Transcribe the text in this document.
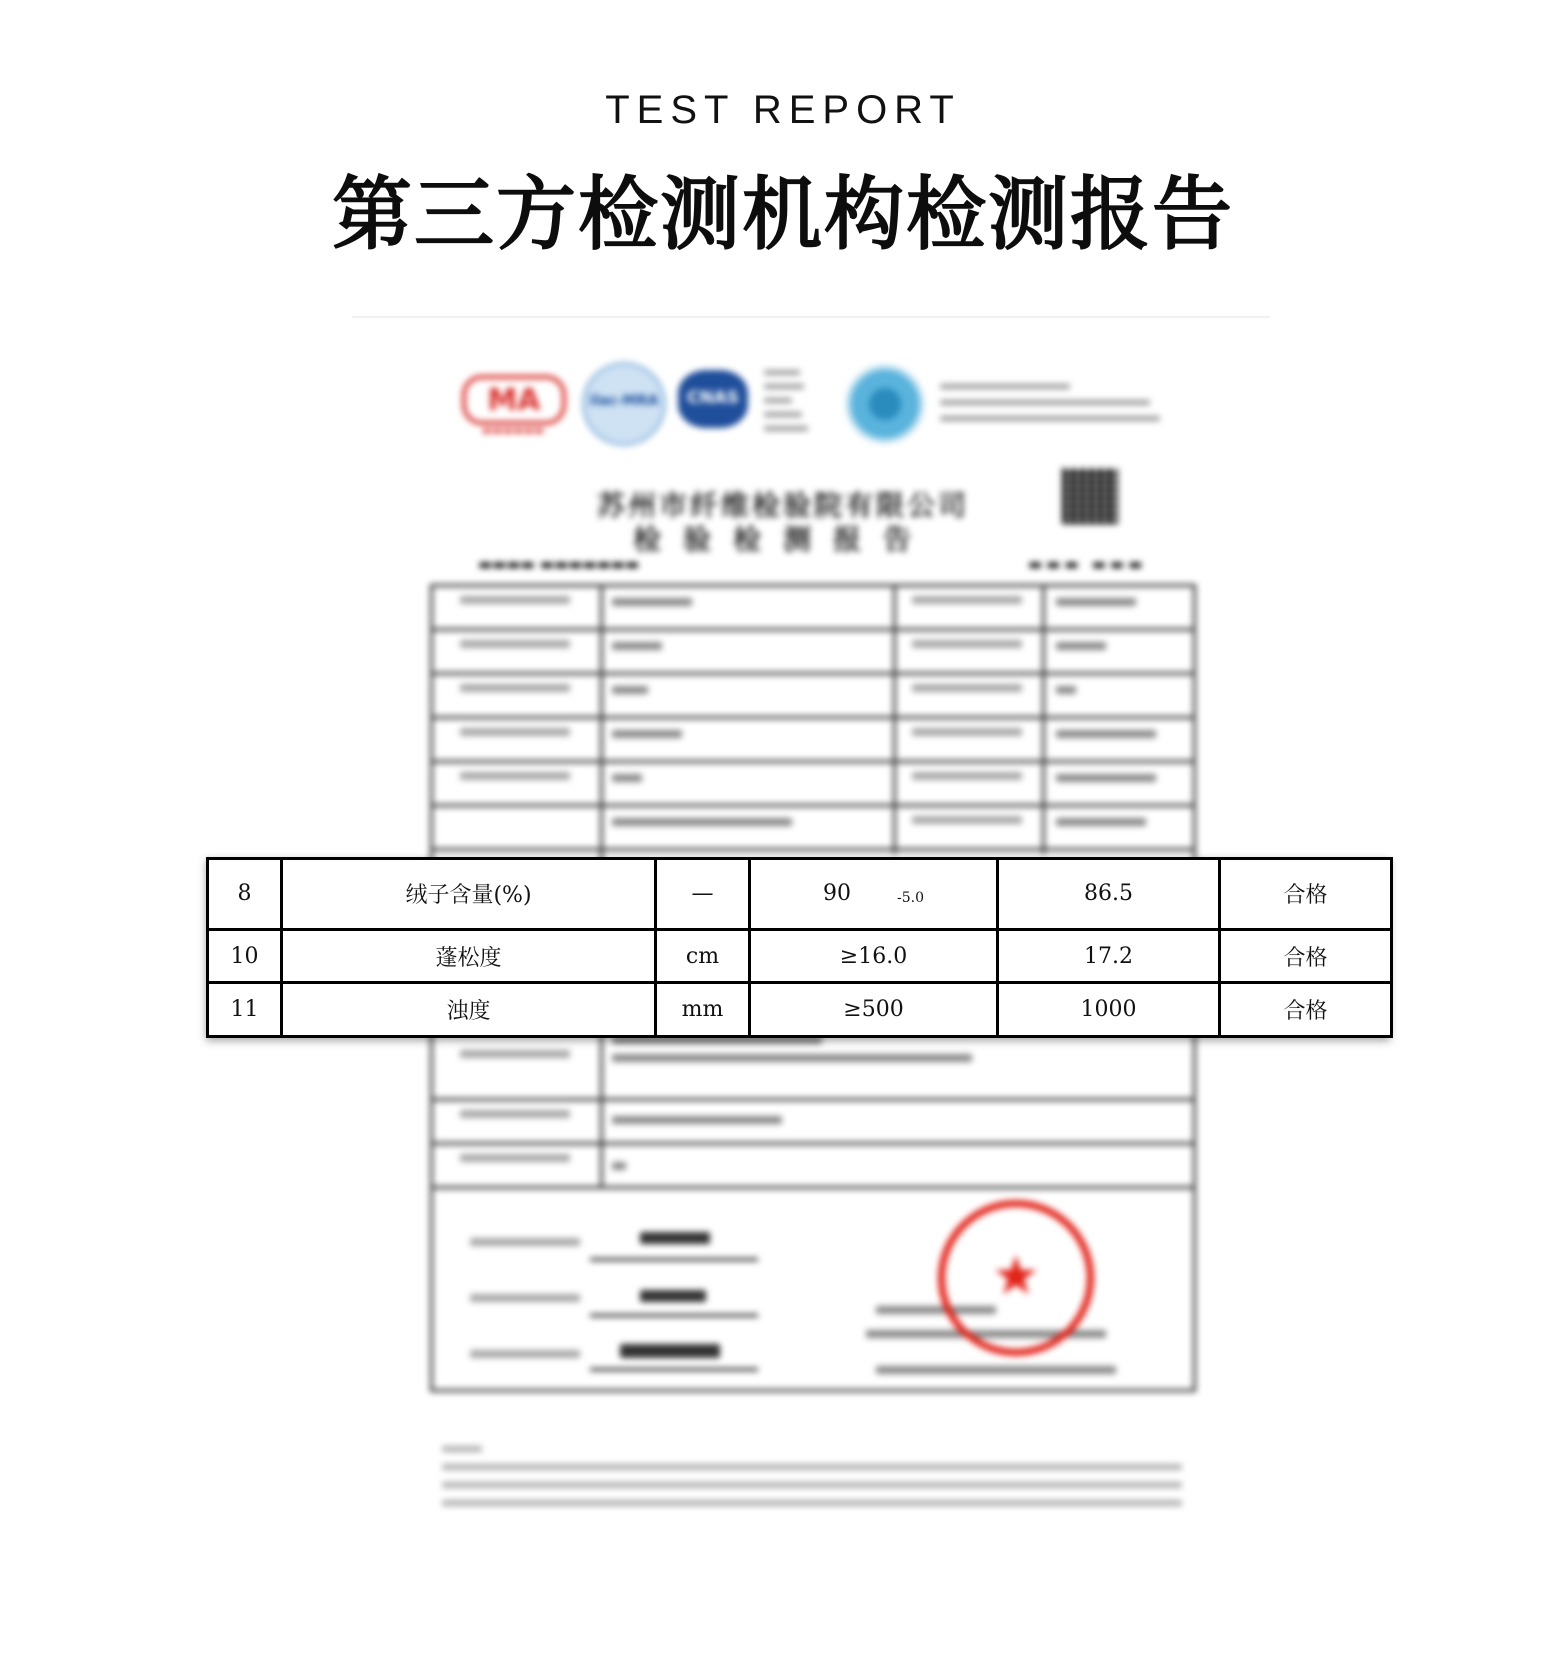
TEST REPORT
第三方检测机构检测报告
MA
▬▬▬▬▬▬
ilac-MRA	CNAS
苏州市纤维检验院有限公司
检验检测报告
▬▬▬▬ ▬▬▬▬▬▬▬	▬▬▬ ▬▬▬
★
8	绒子含量(%)	—	90 -5.0	86.5	合格
10	蓬松度	cm	≥16.0	17.2	合格
11	浊度	mm	≥500	1000	合格
